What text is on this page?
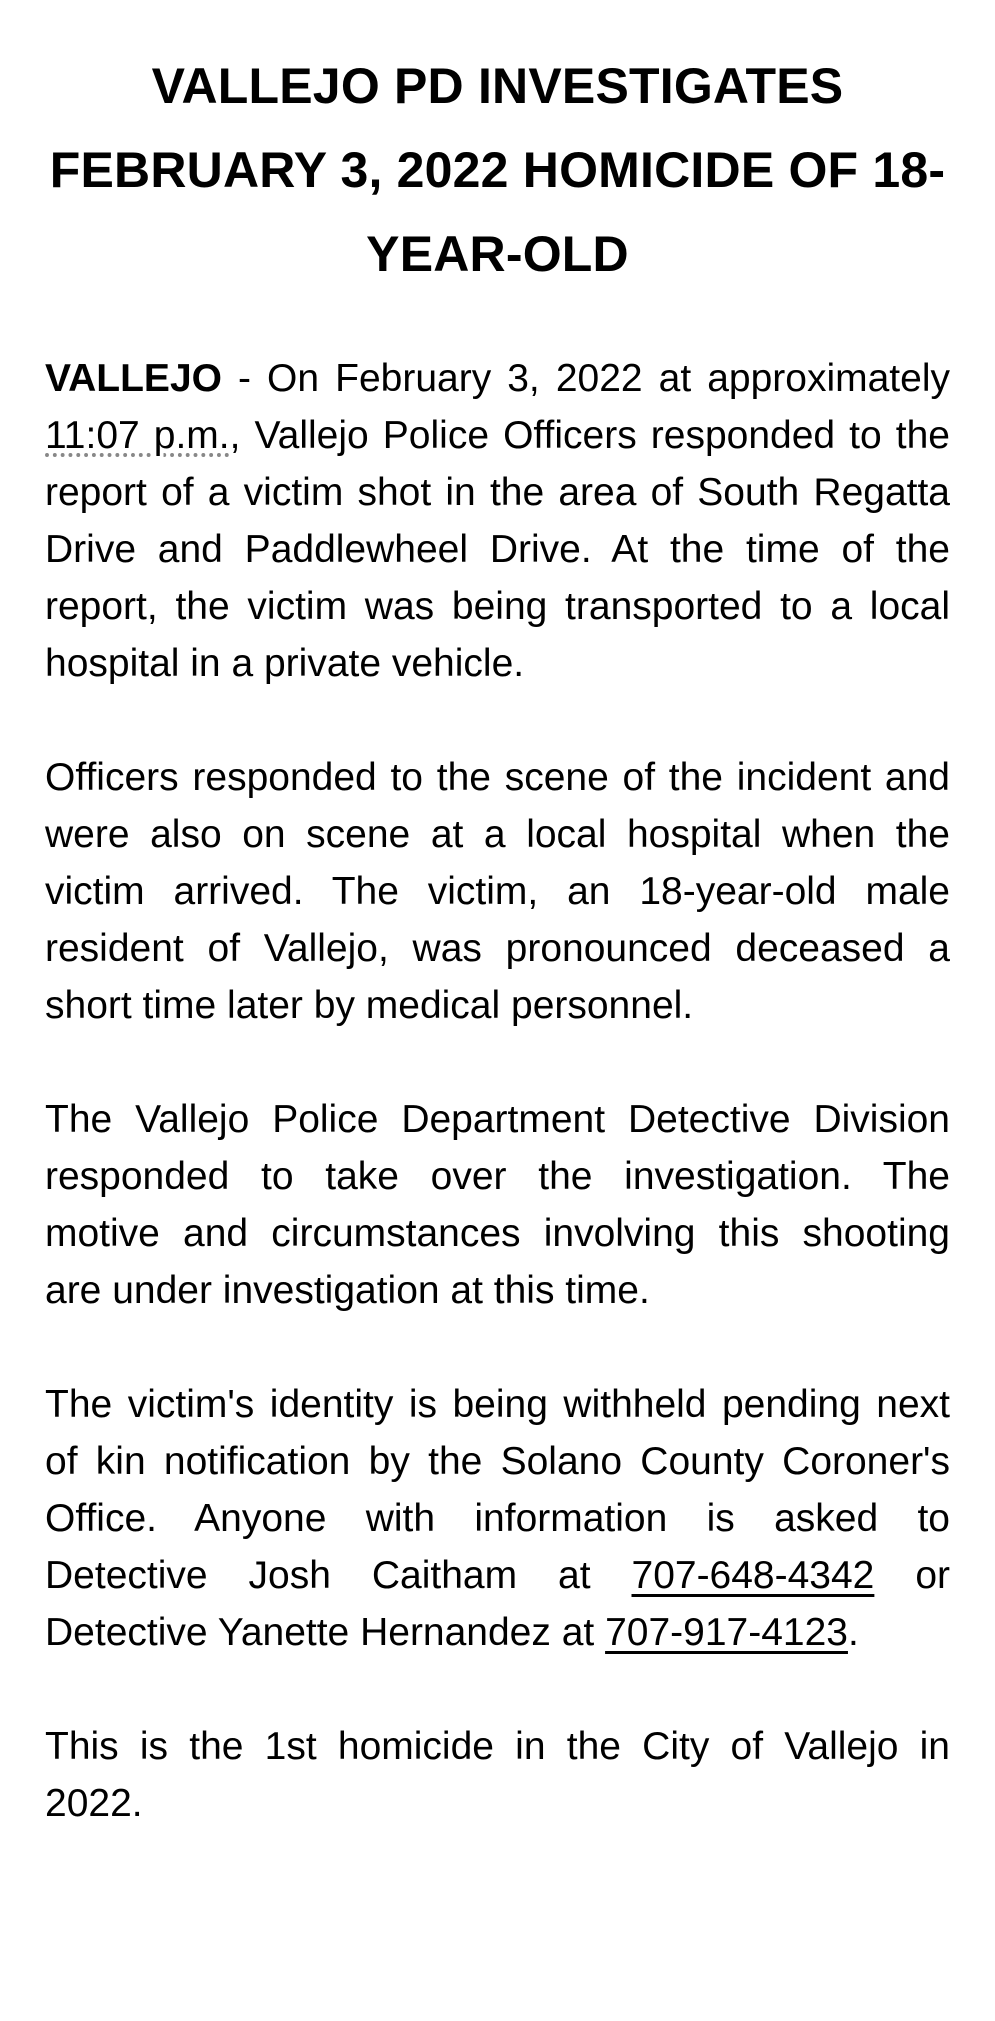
VALLEJO PD INVESTIGATES FEBRUARY 3, 2022 HOMICIDE OF 18-YEAR-OLD

VALLEJO - On February 3, 2022 at approximately 11:07 p.m., Vallejo Police Officers responded to the report of a victim shot in the area of South Regatta Drive and Paddlewheel Drive. At the time of the report, the victim was being transported to a local hospital in a private vehicle.

Officers responded to the scene of the incident and were also on scene at a local hospital when the victim arrived. The victim, an 18-year-old male resident of Vallejo, was pronounced deceased a short time later by medical personnel.

The Vallejo Police Department Detective Division responded to take over the investigation. The motive and circumstances involving this shooting are under investigation at this time.

The victim's identity is being withheld pending next of kin notification by the Solano County Coroner's Office. Anyone with information is asked to Detective Josh Caitham at 707-648-4342 or Detective Yanette Hernandez at 707-917-4123.

This is the 1st homicide in the City of Vallejo in 2022.
